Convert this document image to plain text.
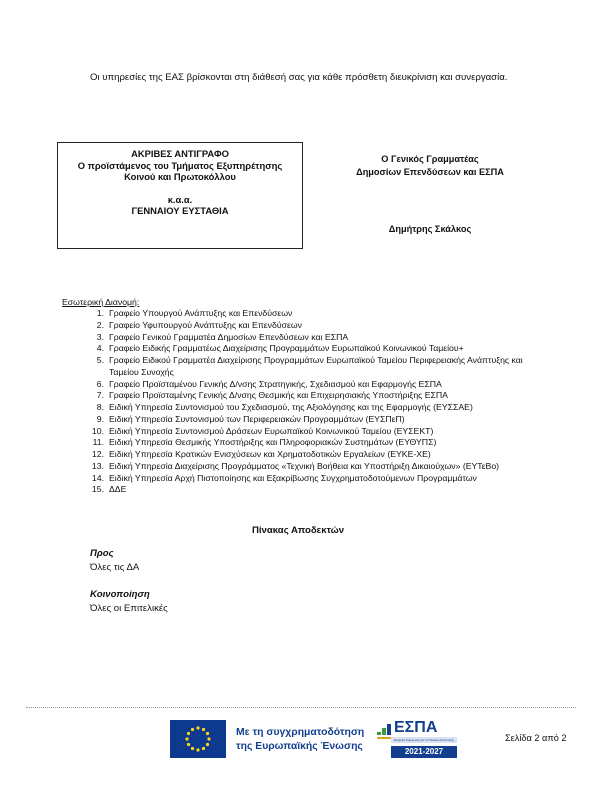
Οι υπηρεσίες της ΕΑΣ βρίσκονται στη διάθεσή σας για κάθε πρόσθετη διευκρίνιση και συνεργασία.
ΑΚΡΙΒΕΣ ΑΝΤΙΓΡΑΦΟ
Ο προϊστάμενος του Τμήματος Εξυπηρέτησης
Κοινού και Πρωτοκόλλου
κ.α.α.
ΓΕΝΝΑΙΟΥ ΕΥΣΤΑΘΙΑ
Ο Γενικός Γραμματέας
Δημοσίων Επενδύσεων και ΕΣΠΑ
Δημήτρης Σκάλκος
Εσωτερική Διανομή:
1. Γραφείο Υπουργού Ανάπτυξης και Επενδύσεων
2. Γραφείο Υφυπουργού Ανάπτυξης και Επενδύσεων
3. Γραφείο Γενικού Γραμματέα Δημοσίων Επενδύσεων και ΕΣΠΑ
4. Γραφείο Ειδικής Γραμματέως Διαχείρισης Προγραμμάτων Ευρωπαϊκού Κοινωνικού Ταμείου+
5. Γραφείο Ειδικού Γραμματέα Διαχείρισης Προγραμμάτων Ευρωπαϊκού Ταμείου Περιφερειακής Ανάπτυξης και Ταμείου Συνοχής
6. Γραφείο Προϊσταμένου Γενικής Δ/νσης Στρατηγικής, Σχεδιασμού και Εφαρμογής ΕΣΠΑ
7. Γραφείο Προϊσταμένης Γενικής Δ/νσης Θεσμικής και Επιχειρησιακής Υποστήριξης ΕΣΠΑ
8. Ειδική Υπηρεσία Συντονισμού του Σχεδιασμού, της Αξιολόγησης και της Εφαρμογής (ΕΥΣΣΑΕ)
9. Ειδική Υπηρεσία Συντονισμού των Περιφερειακών Προγραμμάτων (ΕΥΣΠεΠ)
10. Ειδική Υπηρεσία Συντονισμού Δράσεων Ευρωπαϊκού Κοινωνικού Ταμείου (ΕΥΣΕΚΤ)
11. Ειδική Υπηρεσία Θεσμικής Υποστήριξης και Πληροφοριακών Συστημάτων (ΕΥΘΥΠΣ)
12. Ειδική Υπηρεσία Κρατικών Ενισχύσεων και Χρηματοδοτικών Εργαλείων (ΕΥΚΕ-ΧΕ)
13. Ειδική Υπηρεσία Διαχείρισης Προγράμματος «Τεχνική Βοήθεια και Υποστήριξη Δικαιούχων» (ΕΥΤεΒο)
14. Ειδική Υπηρεσία Αρχή Πιστοποίησης και Εξακρίβωσης Συγχρηματοδοτούμενων Προγραμμάτων
15. ΔΔΕ
Πίνακας Αποδεκτών
Προς
Όλες τις ΔΑ
Κοινοποίηση
Όλες οι Επιτελικές
Με τη συγχρηματοδότηση
της Ευρωπαϊκής Ένωσης
ΕΣΠΑ
Εταιρική Συμφωνία για το Πλαίσιο Ανάπτυξης
2021-2027
Σελίδα 2 από 2
